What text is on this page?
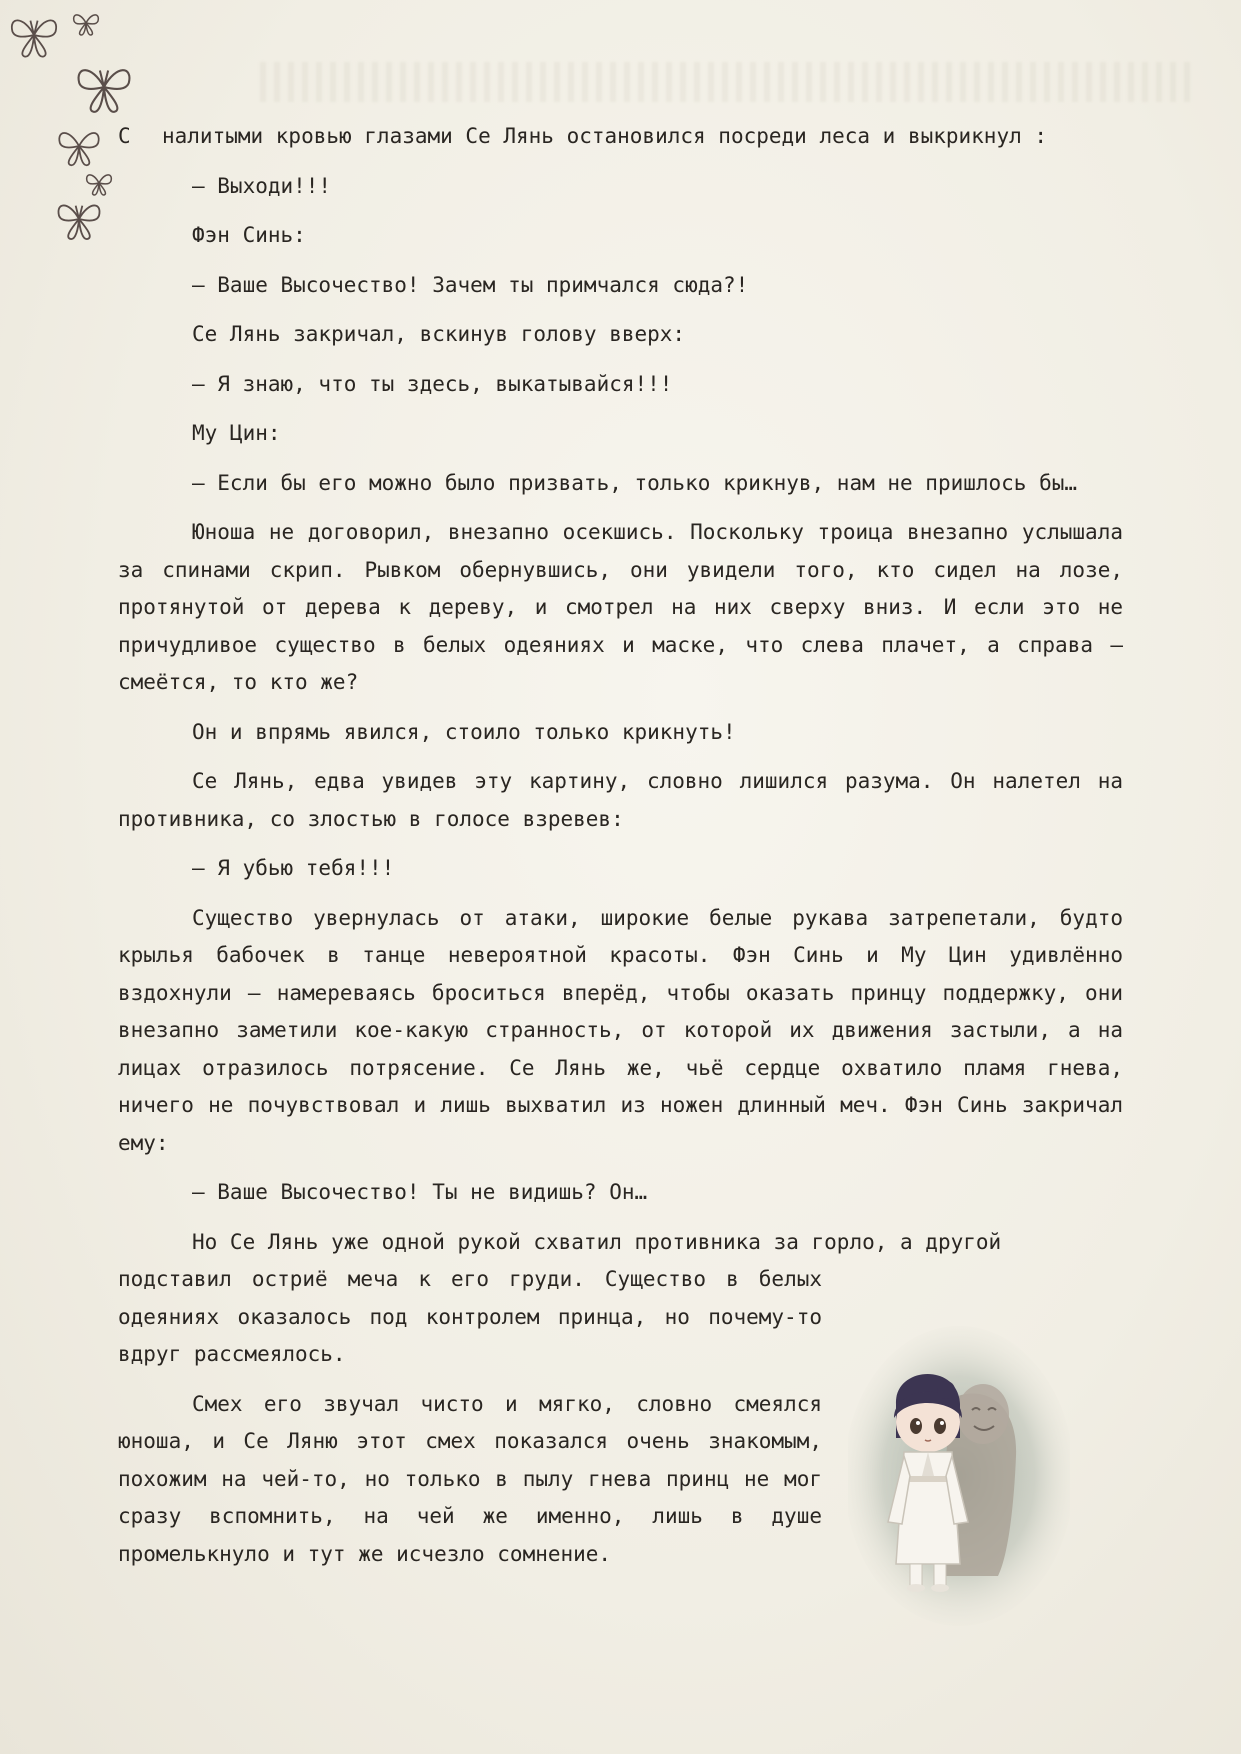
С налитыми кровью глазами Се Лянь остановился посреди леса и выкрикнул :

— Выходи!!!

Фэн Синь:

— Ваше Высочество! Зачем ты примчался сюда?!

Се Лянь закричал, вскинув голову вверх:

— Я знаю, что ты здесь, выкатывайся!!!

Му Цин:

— Если бы его можно было призвать, только крикнув, нам не пришлось бы…

Юноша не договорил, внезапно осекшись. Поскольку троица внезапно услышала за спинами скрип. Рывком обернувшись, они увидели того, кто сидел на лозе, протянутой от дерева к дереву, и смотрел на них сверху вниз. И если это не причудливое существо в белых одеяниях и маске, что слева плачет, а справа — смеётся, то кто же?

Он и впрямь явился, стоило только крикнуть!

Се Лянь, едва увидев эту картину, словно лишился разума. Он налетел на противника, со злостью в голосе взревев:

— Я убью тебя!!!

Существо увернулась от атаки, широкие белые рукава затрепетали, будто крылья бабочек в танце невероятной красоты. Фэн Синь и Му Цин удивлённо вздохнули — намереваясь броситься вперёд, чтобы оказать принцу поддержку, они внезапно заметили кое-какую странность, от которой их движения застыли, а на лицах отразилось потрясение. Се Лянь же, чьё сердце охватило пламя гнева, ничего не почувствовал и лишь выхватил из ножен длинный меч. Фэн Синь закричал ему:

— Ваше Высочество! Ты не видишь? Он…

Но Се Лянь уже одной рукой схватил противника за горло, а другой

подставил остриё меча к его груди. Существо в белых одеяниях оказалось под контролем принца, но почему-то вдруг рассмеялось.

Смех его звучал чисто и мягко, словно смеялся юноша, и Се Ляню этот смех показался очень знакомым, похожим на чей-то, но только в пылу гнева принц не мог сразу вспомнить, на чей же именно, лишь в душе промелькнуло и тут же исчезло сомнение.
